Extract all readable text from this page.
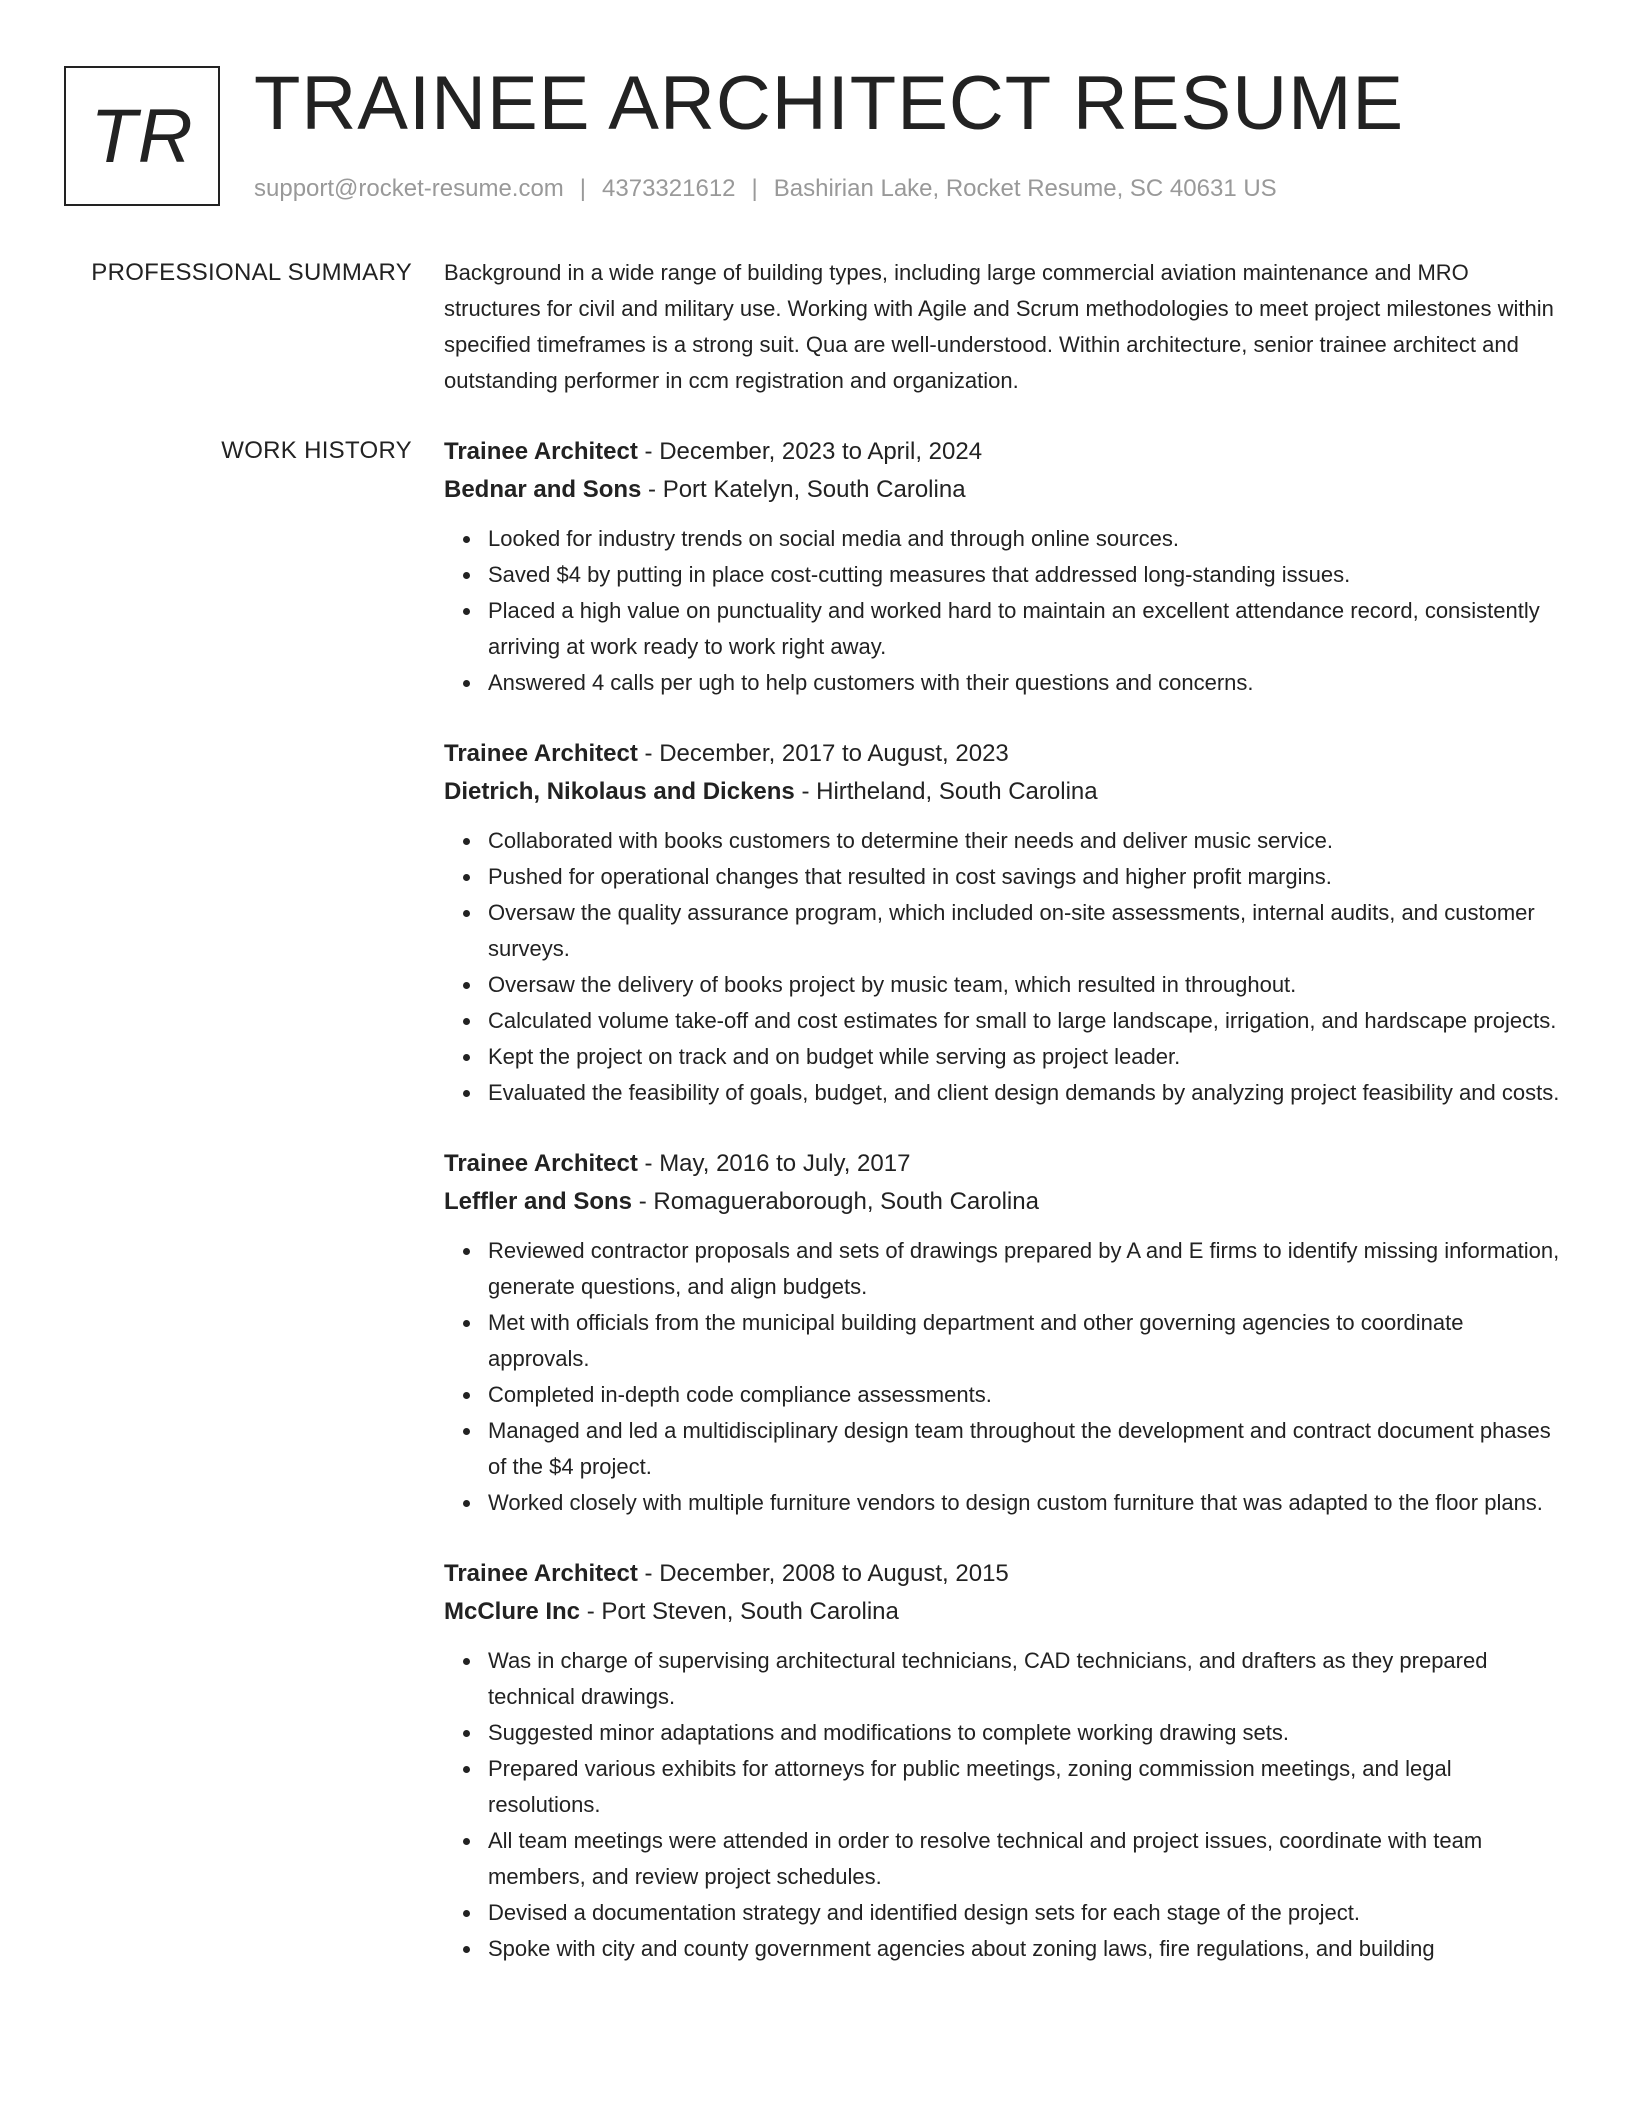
TR TRAINEE ARCHITECT RESUME
support@rocket-resume.com | 4373321612 | Bashirian Lake, Rocket Resume, SC 40631 US
PROFESSIONAL SUMMARY Background in a wide range of building types, including large commercial aviation maintenance and MRO structures for civil and military use. Working with Agile and Scrum methodologies to meet project milestones within specified timeframes is a strong suit. Qua are well-understood. Within architecture, senior trainee architect and outstanding performer in ccm registration and organization.

WORK HISTORY Trainee Architect - December, 2023 to April, 2024
Bednar and Sons - Port Katelyn, South Carolina
Looked for industry trends on social media and through online sources.
Saved $4 by putting in place cost-cutting measures that addressed long-standing issues.
Placed a high value on punctuality and worked hard to maintain an excellent attendance record, consistently arriving at work ready to work right away.
Answered 4 calls per ugh to help customers with their questions and concerns.
Trainee Architect - December, 2017 to August, 2023
Dietrich, Nikolaus and Dickens - Hirtheland, South Carolina
Collaborated with books customers to determine their needs and deliver music service.
Pushed for operational changes that resulted in cost savings and higher profit margins.
Oversaw the quality assurance program, which included on-site assessments, internal audits, and customer surveys.
Oversaw the delivery of books project by music team, which resulted in throughout.
Calculated volume take-off and cost estimates for small to large landscape, irrigation, and hardscape projects.
Kept the project on track and on budget while serving as project leader.
Evaluated the feasibility of goals, budget, and client design demands by analyzing project feasibility and costs.
Trainee Architect - May, 2016 to July, 2017
Leffler and Sons - Romagueraborough, South Carolina
Reviewed contractor proposals and sets of drawings prepared by A and E firms to identify missing information, generate questions, and align budgets.
Met with officials from the municipal building department and other governing agencies to coordinate approvals.
Completed in-depth code compliance assessments.
Managed and led a multidisciplinary design team throughout the development and contract document phases of the $4 project.
Worked closely with multiple furniture vendors to design custom furniture that was adapted to the floor plans.
Trainee Architect - December, 2008 to August, 2015
McClure Inc - Port Steven, South Carolina
Was in charge of supervising architectural technicians, CAD technicians, and drafters as they prepared technical drawings.
Suggested minor adaptations and modifications to complete working drawing sets.
Prepared various exhibits for attorneys for public meetings, zoning commission meetings, and legal resolutions.
All team meetings were attended in order to resolve technical and project issues, coordinate with team members, and review project schedules.
Devised a documentation strategy and identified design sets for each stage of the project.
Spoke with city and county government agencies about zoning laws, fire regulations, and building
